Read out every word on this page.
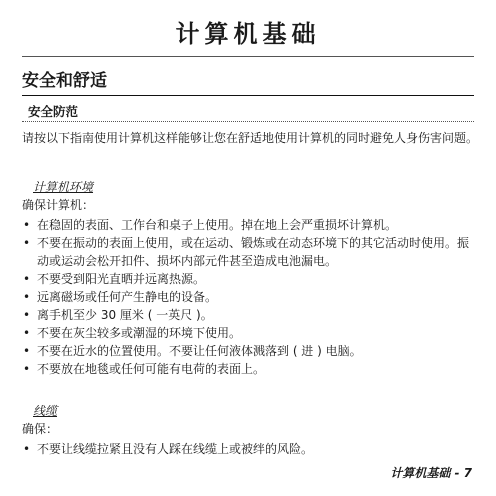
计算机基础
安全和舒适
安全防范

请按以下指南使用计算机这样能够让您在舒适地使用计算机的同时避免人身伤害问题。

计算机环境

确保计算机：

• 在稳固的表面、工作台和桌子上使用。掉在地上会严重损坏计算机。
• 不要在振动的表面上使用，或在运动、锻炼或在动态环境下的其它活动时使用。振动或运动会松开扣件、损坏内部元件甚至造成电池漏电。
• 不要受到阳光直晒并远离热源。
• 远离磁场或任何产生静电的设备。
• 离手机至少 30 厘米 ( 一英尺 )。
• 不要在灰尘较多或潮湿的环境下使用。
• 不要在近水的位置使用。不要让任何液体溅落到 ( 进 ) 电脑。
• 不要放在地毯或任何可能有电荷的表面上。

线缆

确保：

• 不要让线缆拉紧且没有人踩在线缆上或被绊的风险。
计算机基础 - 7
